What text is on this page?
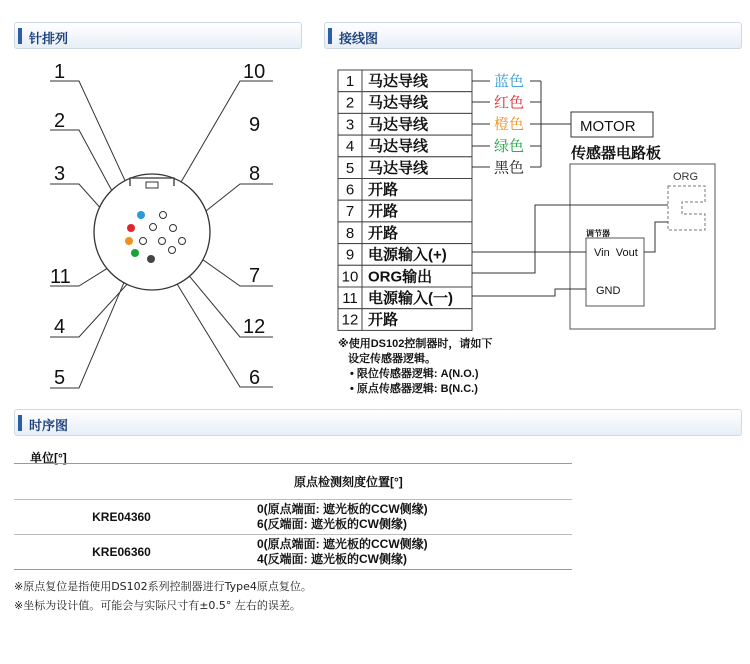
针排列	接线图
时序图
1	10
2	9
3	8
11	7
4	12
5	6
1 马达导线
2 马达导线
3 马达导线
4 马达导线
5 马达导线
6 开路
7 开路
8 开路
9 电源输入(+)
10 ORG输出
11 电源输入(一)
12 开路
蓝色
红色
橙色
绿色
黑色
MOTOR
传感器电路板
ORG
调节器
Vin  Vout
GND
※使用DS102控制器时，请如下
设定传感器逻辑。
• 限位传感器逻辑: A(N.O.)
• 原点传感器逻辑: B(N.C.)
单位[°]
	原点检测刻度位置[°]
KRE04360	0(原点端面: 遮光板的CCW侧缘)
6(反端面: 遮光板的CW侧缘)

KRE06360	0(原点端面: 遮光板的CCW侧缘)
4(反端面: 遮光板的CW侧缘)
※原点复位是指使用DS102系列控制器进行Type4原点复位。
※坐标为设计值。可能会与实际尺寸有±0.5° 左右的误差。
